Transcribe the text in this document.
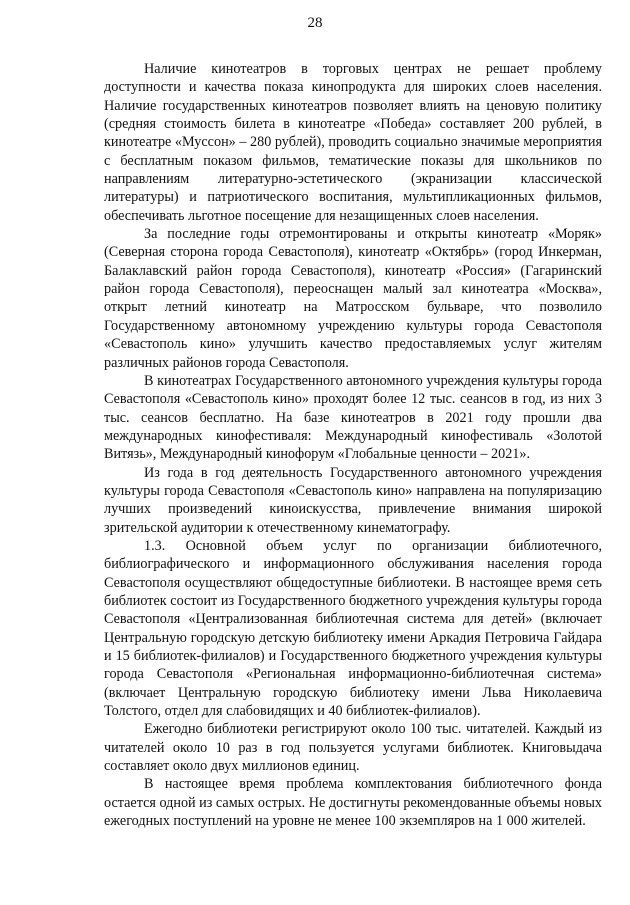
28

Наличие кинотеатров в торговых центрах не решает проблему доступности и качества показа кинопродукта для широких слоев населения. Наличие государственных кинотеатров позволяет влиять на ценовую политику (средняя стоимость билета в кинотеатре «Победа» составляет 200 рублей, в кинотеатре «Муссон» – 280 рублей), проводить социально значимые мероприятия с бесплатным показом фильмов, тематические показы для школьников по направлениям литературно-эстетического (экранизации классической литературы) и патриотического воспитания, мультипликационных фильмов, обеспечивать льготное посещение для незащищенных слоев населения.

За последние годы отремонтированы и открыты кинотеатр «Моряк» (Северная сторона города Севастополя), кинотеатр «Октябрь» (город Инкерман, Балаклавский район города Севастополя), кинотеатр «Россия» (Гагаринский район города Севастополя), переоснащен малый зал кинотеатра «Москва», открыт летний кинотеатр на Матросском бульваре, что позволило Государственному автономному учреждению культуры города Севастополя «Севастополь кино» улучшить качество предоставляемых услуг жителям различных районов города Севастополя.

В кинотеатрах Государственного автономного учреждения культуры города Севастополя «Севастополь кино» проходят более 12 тыс. сеансов в год, из них 3 тыс. сеансов бесплатно. На базе кинотеатров в 2021 году прошли два международных кинофестиваля: Международный кинофестиваль «Золотой Витязь», Международный кинофорум «Глобальные ценности – 2021».

Из года в год деятельность Государственного автономного учреждения культуры города Севастополя «Севастополь кино» направлена на популяризацию лучших произведений киноискусства, привлечение внимания широкой зрительской аудитории к отечественному кинематографу.

1.3. Основной объем услуг по организации библиотечного, библиографического и информационного обслуживания населения города Севастополя осуществляют общедоступные библиотеки. В настоящее время сеть библиотек состоит из Государственного бюджетного учреждения культуры города Севастополя «Централизованная библиотечная система для детей» (включает Центральную городскую детскую библиотеку имени Аркадия Петровича Гайдара и 15 библиотек-филиалов) и Государственного бюджетного учреждения культуры города Севастополя «Региональная информационно-библиотечная система» (включает Центральную городскую библиотеку имени Льва Николаевича Толстого, отдел для слабовидящих и 40 библиотек-филиалов).

Ежегодно библиотеки регистрируют около 100 тыс. читателей. Каждый из читателей около 10 раз в год пользуется услугами библиотек. Книговыдача составляет около двух миллионов единиц.

В настоящее время проблема комплектования библиотечного фонда остается одной из самых острых. Не достигнуты рекомендованные объемы новых ежегодных поступлений на уровне не менее 100 экземпляров на 1 000 жителей.
